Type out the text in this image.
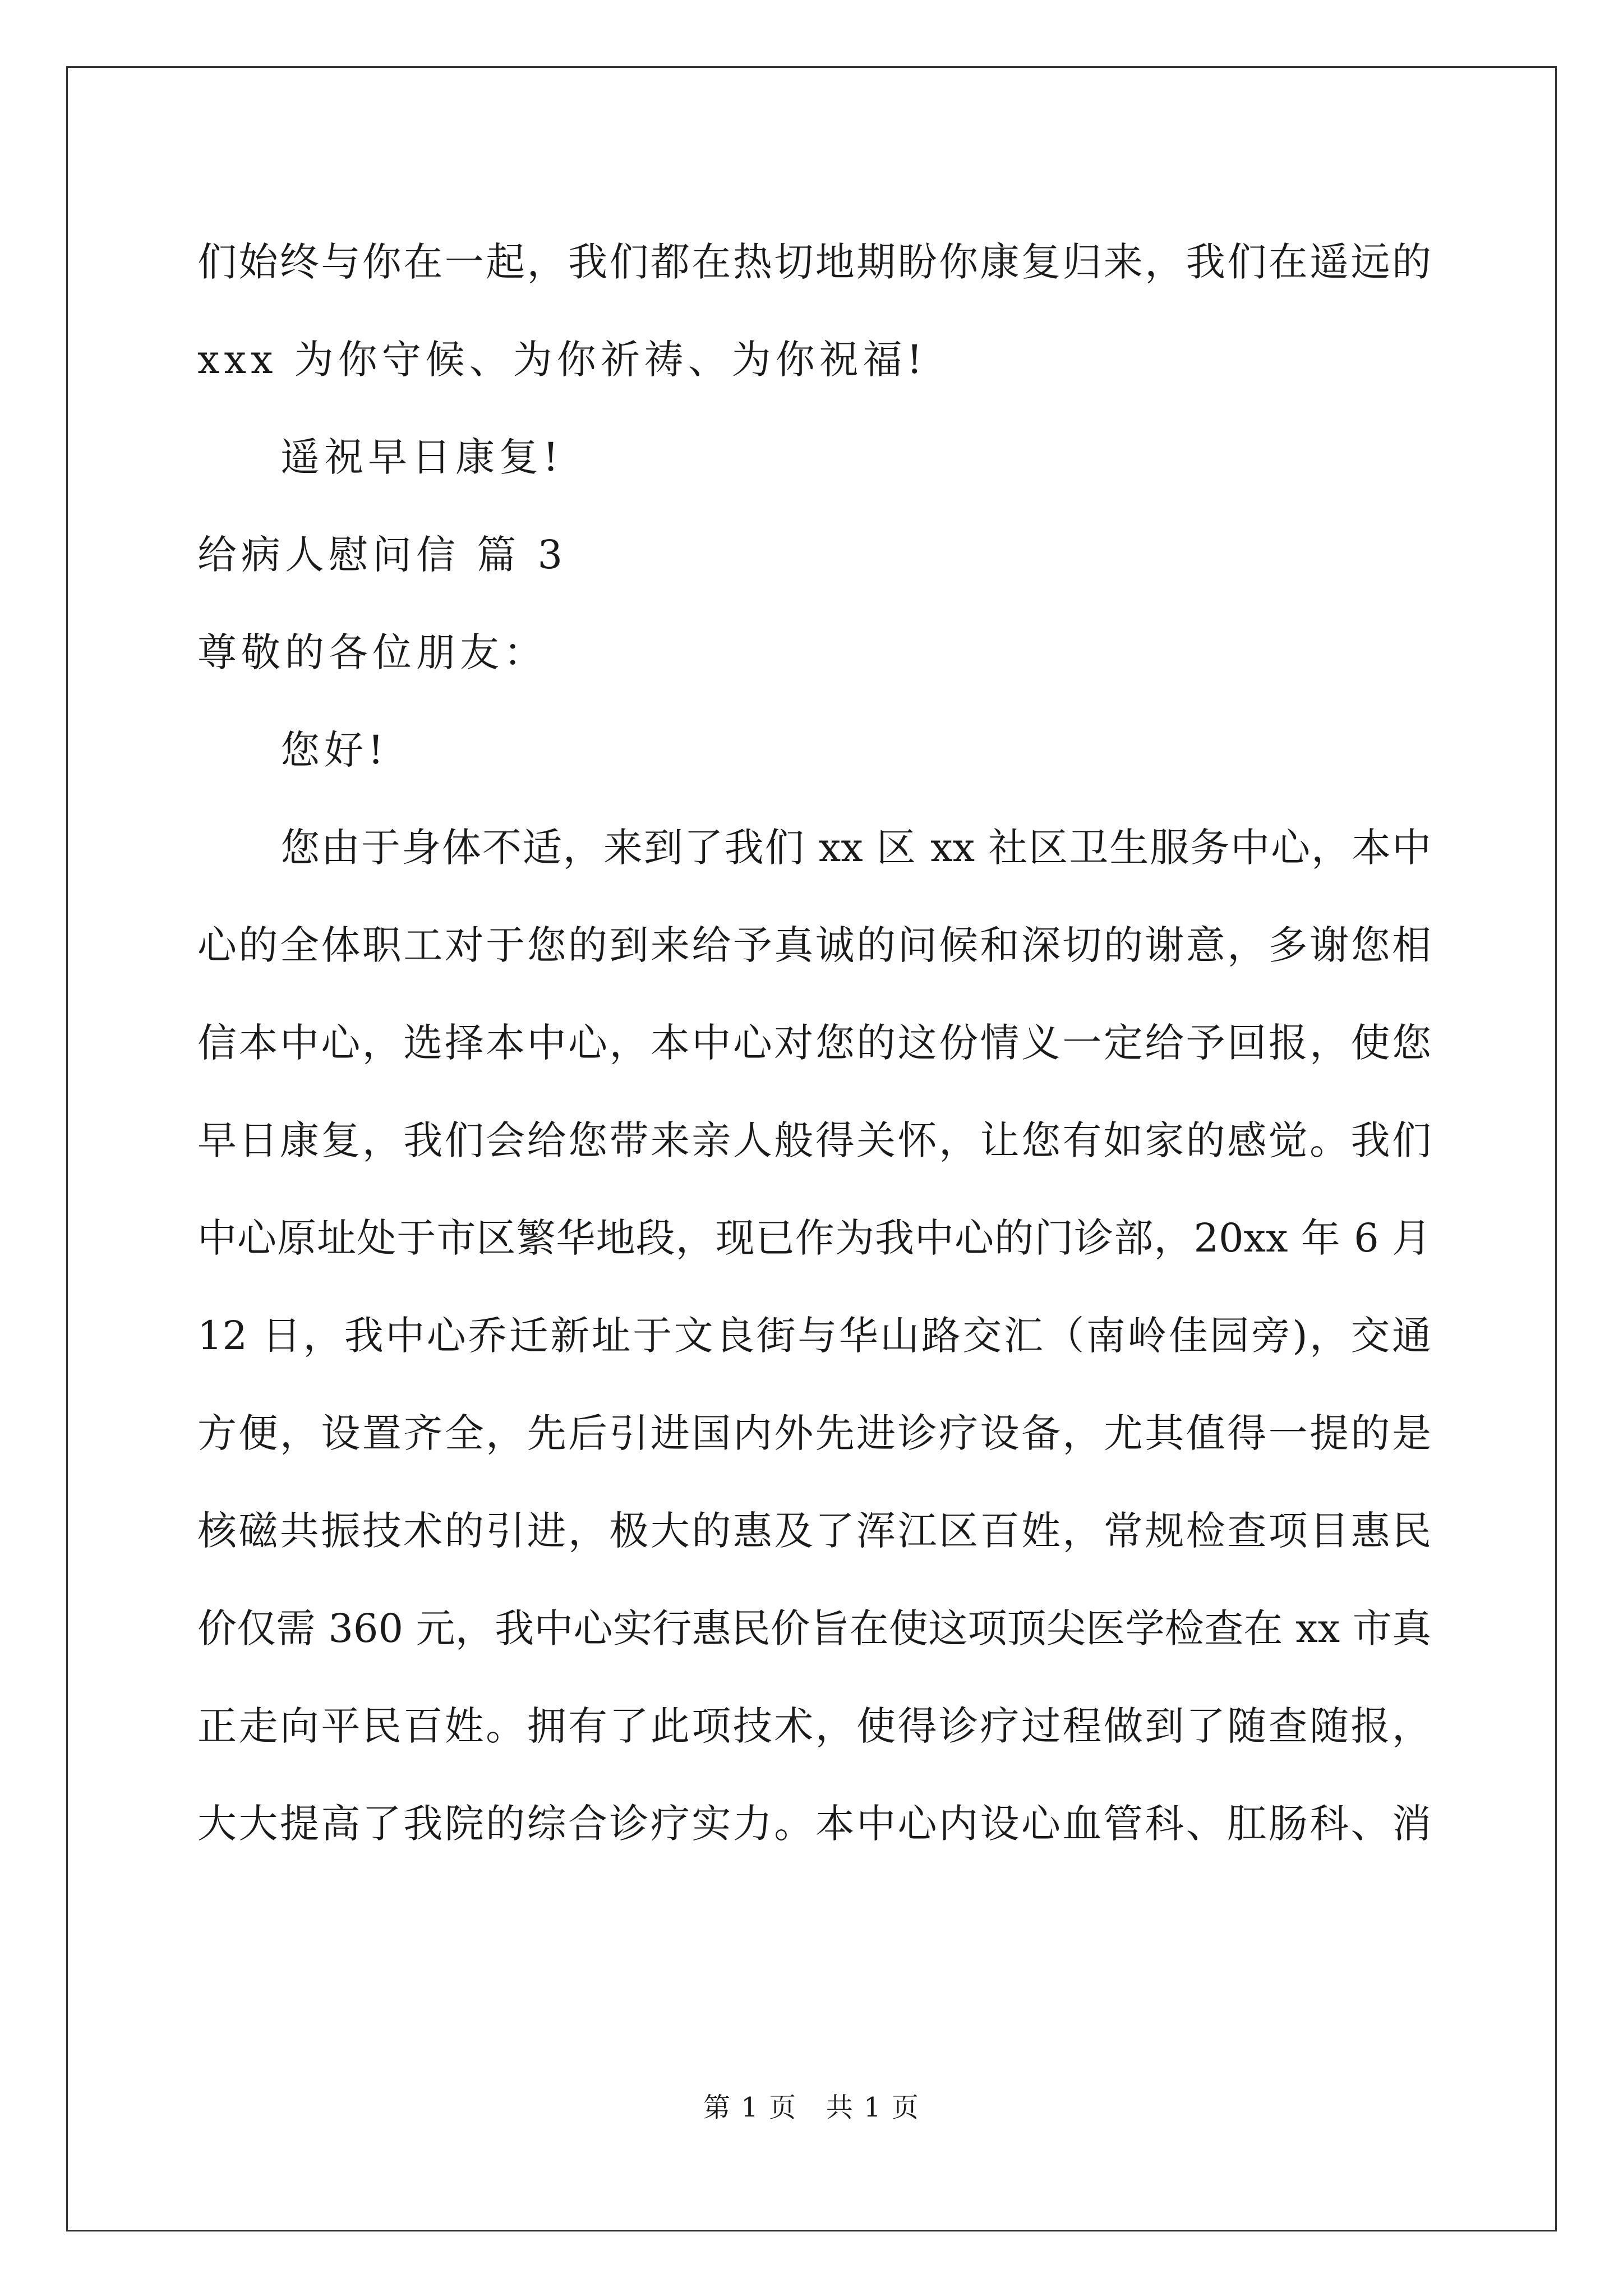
们始终与你在一起，我们都在热切地期盼你康复归来，我们在遥远的

xxx 为你守候、为你祈祷、为你祝福!

遥祝早日康复!

给病人慰问信 篇 3

尊敬的各位朋友：

您好!

您由于身体不适，来到了我们 xx 区 xx 社区卫生服务中心，本中

心的全体职工对于您的到来给予真诚的问候和深切的谢意，多谢您相

信本中心，选择本中心，本中心对您的这份情义一定给予回报，使您

早日康复，我们会给您带来亲人般得关怀，让您有如家的感觉。我们

中心原址处于市区繁华地段，现已作为我中心的门诊部，20xx 年 6 月

12 日，我中心乔迁新址于文良街与华山路交汇（南岭佳园旁)，交通

方便，设置齐全，先后引进国内外先进诊疗设备，尤其值得一提的是

核磁共振技术的引进，极大的惠及了浑江区百姓，常规检查项目惠民

价仅需 360 元，我中心实行惠民价旨在使这项顶尖医学检查在 xx 市真

正走向平民百姓。拥有了此项技术，使得诊疗过程做到了随查随报，

大大提高了我院的综合诊疗实力。本中心内设心血管科、肛肠科、消

第 1 页   共 1 页
